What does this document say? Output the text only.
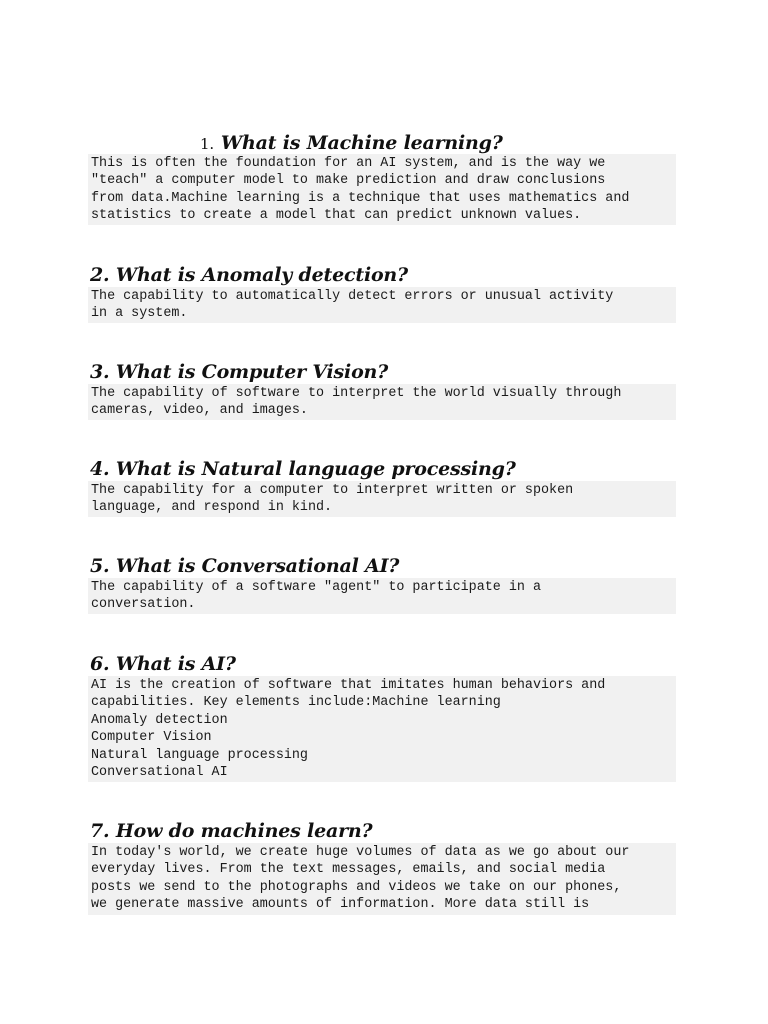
1. What is Machine learning?
This is often the foundation for an AI system, and is the way we
"teach" a computer model to make prediction and draw conclusions
from data.Machine learning is a technique that uses mathematics and
statistics to create a model that can predict unknown values.
2. What is Anomaly detection?
The capability to automatically detect errors or unusual activity
in a system.
3. What is Computer Vision?
The capability of software to interpret the world visually through
cameras, video, and images.
4. What is Natural language processing?
The capability for a computer to interpret written or spoken
language, and respond in kind.
5. What is Conversational AI?
The capability of a software "agent" to participate in a
conversation.
6. What is AI?
AI is the creation of software that imitates human behaviors and
capabilities. Key elements include:Machine learning
Anomaly detection
Computer Vision
Natural language processing
Conversational AI
7. How do machines learn?
In today's world, we create huge volumes of data as we go about our
everyday lives. From the text messages, emails, and social media
posts we send to the photographs and videos we take on our phones,
we generate massive amounts of information. More data still is
